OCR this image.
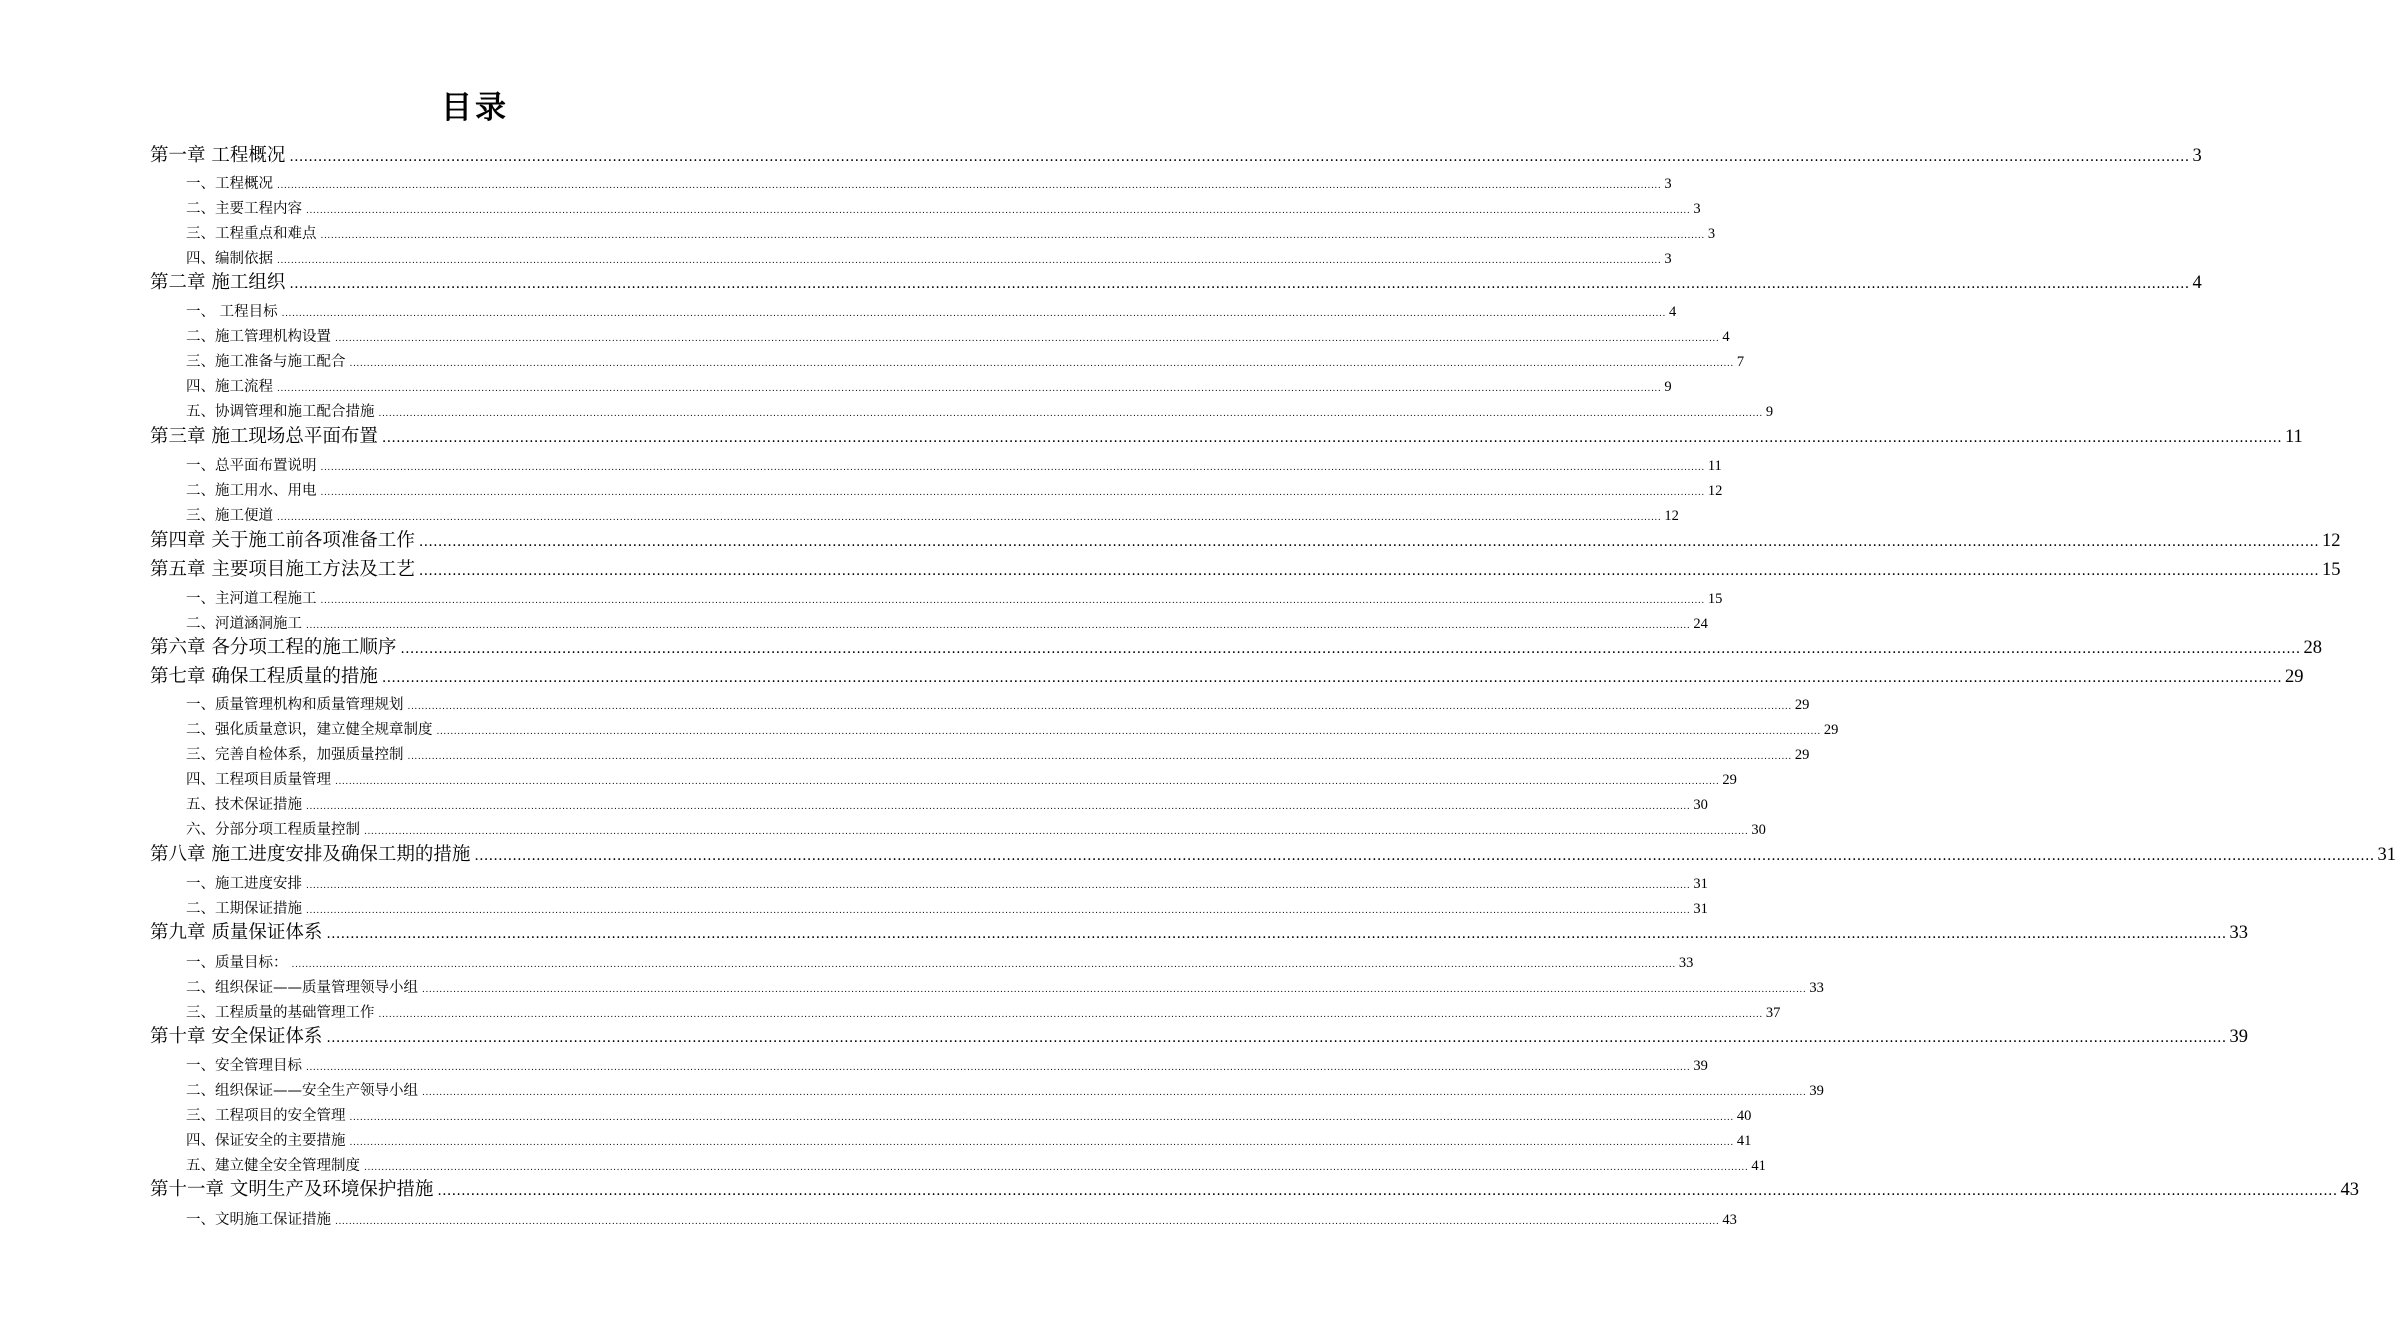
目录
第一章 工程概况 ................................................................................................................................................................................................................................................................................................................................................................................................................ 3
一、工程概况 ................................................................................................................................................................................................................................................................................................................................................................................................................ 3
二、主要工程内容 ................................................................................................................................................................................................................................................................................................................................................................................................................ 3
三、工程重点和难点 ................................................................................................................................................................................................................................................................................................................................................................................................................ 3
四、编制依据 ................................................................................................................................................................................................................................................................................................................................................................................................................ 3
第二章 施工组织 ................................................................................................................................................................................................................................................................................................................................................................................................................ 4
一、 工程目标 ................................................................................................................................................................................................................................................................................................................................................................................................................ 4
二、施工管理机构设置 ................................................................................................................................................................................................................................................................................................................................................................................................................ 4
三、施工准备与施工配合 ................................................................................................................................................................................................................................................................................................................................................................................................................ 7
四、施工流程 ................................................................................................................................................................................................................................................................................................................................................................................................................ 9
五、协调管理和施工配合措施 ................................................................................................................................................................................................................................................................................................................................................................................................................ 9
第三章 施工现场总平面布置 ................................................................................................................................................................................................................................................................................................................................................................................................................ 11
一、总平面布置说明 ................................................................................................................................................................................................................................................................................................................................................................................................................ 11
二、施工用水、用电 ................................................................................................................................................................................................................................................................................................................................................................................................................ 12
三、施工便道 ................................................................................................................................................................................................................................................................................................................................................................................................................ 12
第四章 关于施工前各项准备工作 ................................................................................................................................................................................................................................................................................................................................................................................................................ 12
第五章 主要项目施工方法及工艺 ................................................................................................................................................................................................................................................................................................................................................................................................................ 15
一、主河道工程施工 ................................................................................................................................................................................................................................................................................................................................................................................................................ 15
二、河道涵洞施工 ................................................................................................................................................................................................................................................................................................................................................................................................................ 24
第六章 各分项工程的施工顺序 ................................................................................................................................................................................................................................................................................................................................................................................................................ 28
第七章 确保工程质量的措施 ................................................................................................................................................................................................................................................................................................................................................................................................................ 29
一、质量管理机构和质量管理规划 ................................................................................................................................................................................................................................................................................................................................................................................................................ 29
二、强化质量意识，建立健全规章制度 ................................................................................................................................................................................................................................................................................................................................................................................................................ 29
三、完善自检体系，加强质量控制 ................................................................................................................................................................................................................................................................................................................................................................................................................ 29
四、工程项目质量管理 ................................................................................................................................................................................................................................................................................................................................................................................................................ 29
五、技术保证措施 ................................................................................................................................................................................................................................................................................................................................................................................................................ 30
六、分部分项工程质量控制 ................................................................................................................................................................................................................................................................................................................................................................................................................ 30
第八章 施工进度安排及确保工期的措施 ................................................................................................................................................................................................................................................................................................................................................................................................................ 31
一、施工进度安排 ................................................................................................................................................................................................................................................................................................................................................................................................................ 31
二、工期保证措施 ................................................................................................................................................................................................................................................................................................................................................................................................................ 31
第九章 质量保证体系 ................................................................................................................................................................................................................................................................................................................................................................................................................ 33
一、质量目标： ................................................................................................................................................................................................................................................................................................................................................................................................................ 33
二、组织保证——质量管理领导小组 ................................................................................................................................................................................................................................................................................................................................................................................................................ 33
三、工程质量的基础管理工作 ................................................................................................................................................................................................................................................................................................................................................................................................................ 37
第十章 安全保证体系 ................................................................................................................................................................................................................................................................................................................................................................................................................ 39
一、安全管理目标 ................................................................................................................................................................................................................................................................................................................................................................................................................ 39
二、组织保证——安全生产领导小组 ................................................................................................................................................................................................................................................................................................................................................................................................................ 39
三、工程项目的安全管理 ................................................................................................................................................................................................................................................................................................................................................................................................................ 40
四、保证安全的主要措施 ................................................................................................................................................................................................................................................................................................................................................................................................................ 41
五、建立健全安全管理制度 ................................................................................................................................................................................................................................................................................................................................................................................................................ 41
第十一章 文明生产及环境保护措施 ................................................................................................................................................................................................................................................................................................................................................................................................................ 43
一、文明施工保证措施 ................................................................................................................................................................................................................................................................................................................................................................................................................ 43
